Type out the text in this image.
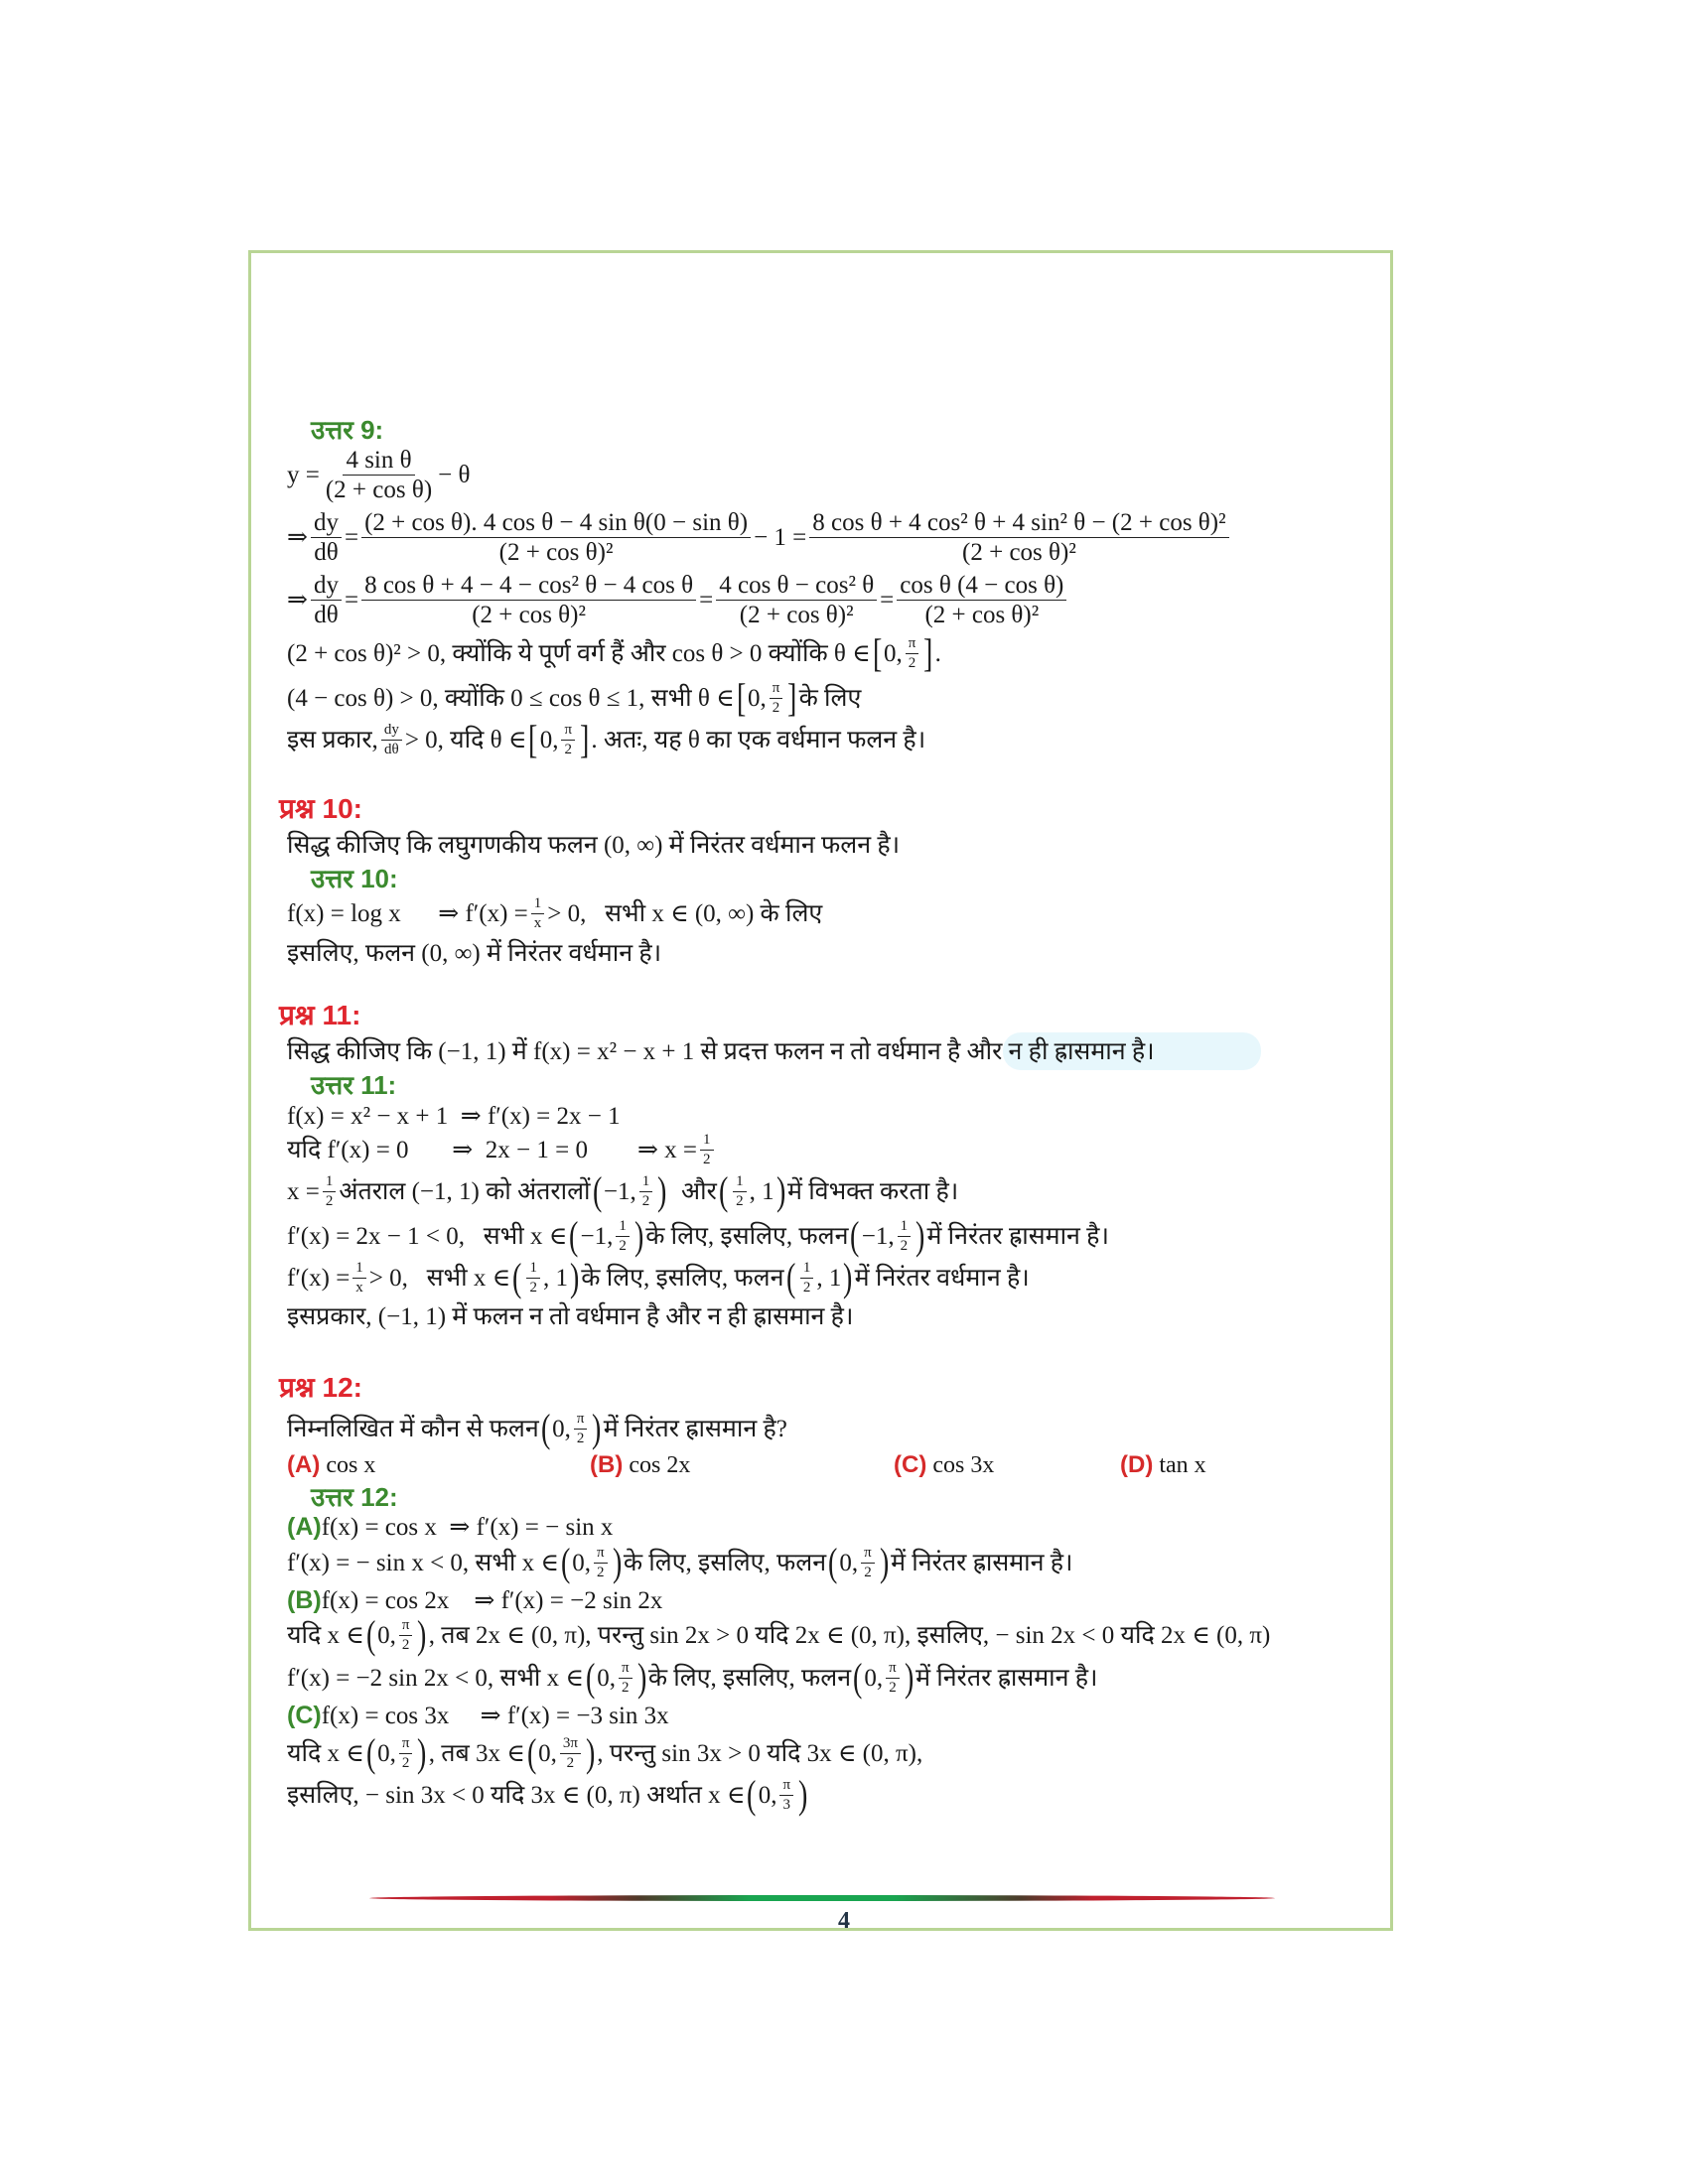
उत्तर 9:
$y = \frac{\text{4 sin θ}}{\text{(2 + cos θ)}} - \theta$
⇒ $\frac{dy}{d\theta} = \frac{\text{(2 + cos θ). 4 cos θ − 4 sin θ(0 − sin θ)}}{\text{(2 + cos θ)²}} - 1 = \frac{\text{8 cos θ + 4 cos² θ + 4 sin² θ − (2 + cos θ)²}}{\text{(2 + cos θ)²}}$
⇒ $\frac{dy}{d\theta} = \frac{\text{8 cos θ + 4 − 4 − cos² θ − 4 cos θ}}{\text{(2 + cos θ)²}} = \frac{\text{4 cos θ − cos² θ}}{\text{(2 + cos θ)²}} = \frac{\text{cos θ (4 − cos θ)}}{\text{(2 + cos θ)²}}$
(2 + cos θ)² > 0, क्योंकि ये पूर्ण वर्ग हैं और cos θ > 0 क्योंकि θ ∈ [ 0, $\frac{\pi}{2}$ ] .
(4 − cos θ) > 0, क्योंकि 0 ≤ cos θ ≤ 1, सभी θ ∈ [ 0, $\frac{\pi}{2}$ ] के लिए
इस प्रकार, $\frac{dy}{d\theta} > 0$, यदि θ ∈ [ 0, $\frac{\pi}{2}$ ] . अतः, यह θ का एक वर्धमान फलन है।
प्रश्न 10:
सिद्ध कीजिए कि लघुगणकीय फलन (0, ∞) में निरंतर वर्धमान फलन है।
उत्तर 10:
f(x) = log x      ⇒ $f'(x) = \frac{1}{x} > 0$,   सभी x ∈ (0, ∞) के लिए
इसलिए, फलन (0, ∞) में निरंतर वर्धमान है।
प्रश्न 11:
सिद्ध कीजिए कि (−1, 1) में f(x) = x² − x + 1 से प्रदत्त फलन न तो वर्धमान है और न ही ह्रासमान है।
उत्तर 11:
f(x) = x² − x + 1  ⇒ f′(x) = 2x − 1
यदि f′(x) = 0       ⇒  2x − 1 = 0        ⇒ $x = \frac{1}{2}$
$x = \frac{1}{2}$ अंतराल (−1, 1) को अंतरालों ( −1, $\frac{1}{2}$ ) और ( $\frac{1}{2}$ , 1 ) में विभक्त करता है।
f′(x) = 2x − 1 < 0,   सभी x ∈ ( −1, $\frac{1}{2}$ ) के लिए, इसलिए, फलन ( −1, $\frac{1}{2}$ ) में निरंतर ह्रासमान है।
$f'(x) = \frac{1}{x} > 0$,   सभी x ∈ ( $\frac{1}{2}$ , 1 ) के लिए, इसलिए, फलन ( $\frac{1}{2}$ , 1 ) में निरंतर वर्धमान है।
इसप्रकार, (−1, 1) में फलन न तो वर्धमान है और न ही ह्रासमान है।
प्रश्न 12:
निम्नलिखित में कौन से फलन ( 0, $\frac{\pi}{2}$ ) में निरंतर ह्रासमान है?
(A) cos x	(B) cos 2x	(C) cos 3x	(D) tan x
उत्तर 12:
(A) f(x) = cos x  ⇒ f′(x) = − sin x
f′(x) = − sin x < 0, सभी x ∈ ( 0, $\frac{\pi}{2}$ ) के लिए, इसलिए, फलन ( 0, $\frac{\pi}{2}$ ) में निरंतर ह्रासमान है।
(B) f(x) = cos 2x    ⇒ f′(x) = −2 sin 2x
यदि x ∈ ( 0, $\frac{\pi}{2}$ ) , तब 2x ∈ (0, π), परन्तु sin 2x > 0 यदि 2x ∈ (0, π), इसलिए, − sin 2x < 0 यदि 2x ∈ (0, π)
f′(x) = −2 sin 2x < 0, सभी x ∈ ( 0, $\frac{\pi}{2}$ ) के लिए, इसलिए, फलन ( 0, $\frac{\pi}{2}$ ) में निरंतर ह्रासमान है।
(C) f(x) = cos 3x     ⇒ f′(x) = −3 sin 3x
यदि x ∈ ( 0, $\frac{\pi}{2}$ ) , तब 3x ∈ ( 0, $\frac{3\pi}{2}$ ) , परन्तु sin 3x > 0 यदि 3x ∈ (0, π),
इसलिए, − sin 3x < 0 यदि 3x ∈ (0, π) अर्थात x ∈ ( 0, $\frac{\pi}{3}$ )
4
